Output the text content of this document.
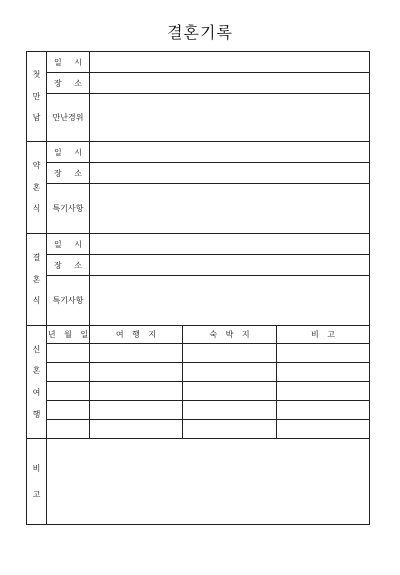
결혼기록
첫
만
남	일 시			
	장 소			
	만난경위			

약
혼
식	일 시			
	장 소			
	특기사항			

결
혼
식	일 시			
	장 소			
	특기사항			

신
혼
여
행	년 월 일	여 행 지	숙 박 지	비 고

비
고				
